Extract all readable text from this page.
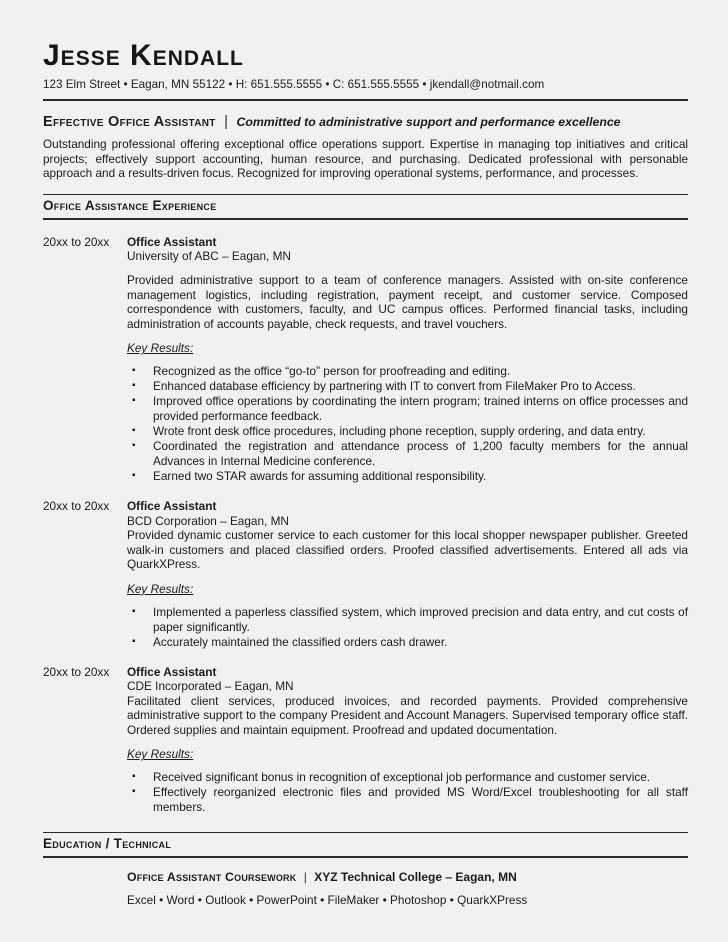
Jesse Kendall
123 Elm Street • Eagan, MN 55122 • H: 651.555.5555 • C: 651.555.5555 • jkendall@notmail.com
Effective Office Assistant | Committed to administrative support and performance excellence

Outstanding professional offering exceptional office operations support. Expertise in managing top initiatives and critical projects; effectively support accounting, human resource, and purchasing. Dedicated professional with personable approach and a results-driven focus. Recognized for improving operational systems, performance, and processes.

Office Assistance Experience
20xx to 20xx	Office Assistant
University of ABC – Eagan, MN

Provided administrative support to a team of conference managers. Assisted with on-site conference management logistics, including registration, payment receipt, and customer service. Composed correspondence with customers, faculty, and UC campus offices. Performed financial tasks, including administration of accounts payable, check requests, and travel vouchers.

Key Results:
▪ Recognized as the office “go-to” person for proofreading and editing.
▪ Enhanced database efficiency by partnering with IT to convert from FileMaker Pro to Access.
▪ Improved office operations by coordinating the intern program; trained interns on office processes and provided performance feedback.
▪ Wrote front desk office procedures, including phone reception, supply ordering, and data entry.
▪ Coordinated the registration and attendance process of 1,200 faculty members for the annual Advances in Internal Medicine conference.
▪ Earned two STAR awards for assuming additional responsibility.
20xx to 20xx	Office Assistant
BCD Corporation – Eagan, MN

Provided dynamic customer service to each customer for this local shopper newspaper publisher. Greeted walk-in customers and placed classified orders. Proofed classified advertisements. Entered all ads via QuarkXPress.

Key Results:
▪ Implemented a paperless classified system, which improved precision and data entry, and cut costs of paper significantly.
▪ Accurately maintained the classified orders cash drawer.
20xx to 20xx	Office Assistant
CDE Incorporated – Eagan, MN

Facilitated client services, produced invoices, and recorded payments. Provided comprehensive administrative support to the company President and Account Managers. Supervised temporary office staff. Ordered supplies and maintain equipment. Proofread and updated documentation.

Key Results:
▪ Received significant bonus in recognition of exceptional job performance and customer service.
▪ Effectively reorganized electronic files and provided MS Word/Excel troubleshooting for all staff members.
Education / Technical
Office Assistant Coursework | XYZ Technical College – Eagan, MN
Excel • Word • Outlook • PowerPoint • FileMaker • Photoshop • QuarkXPress
